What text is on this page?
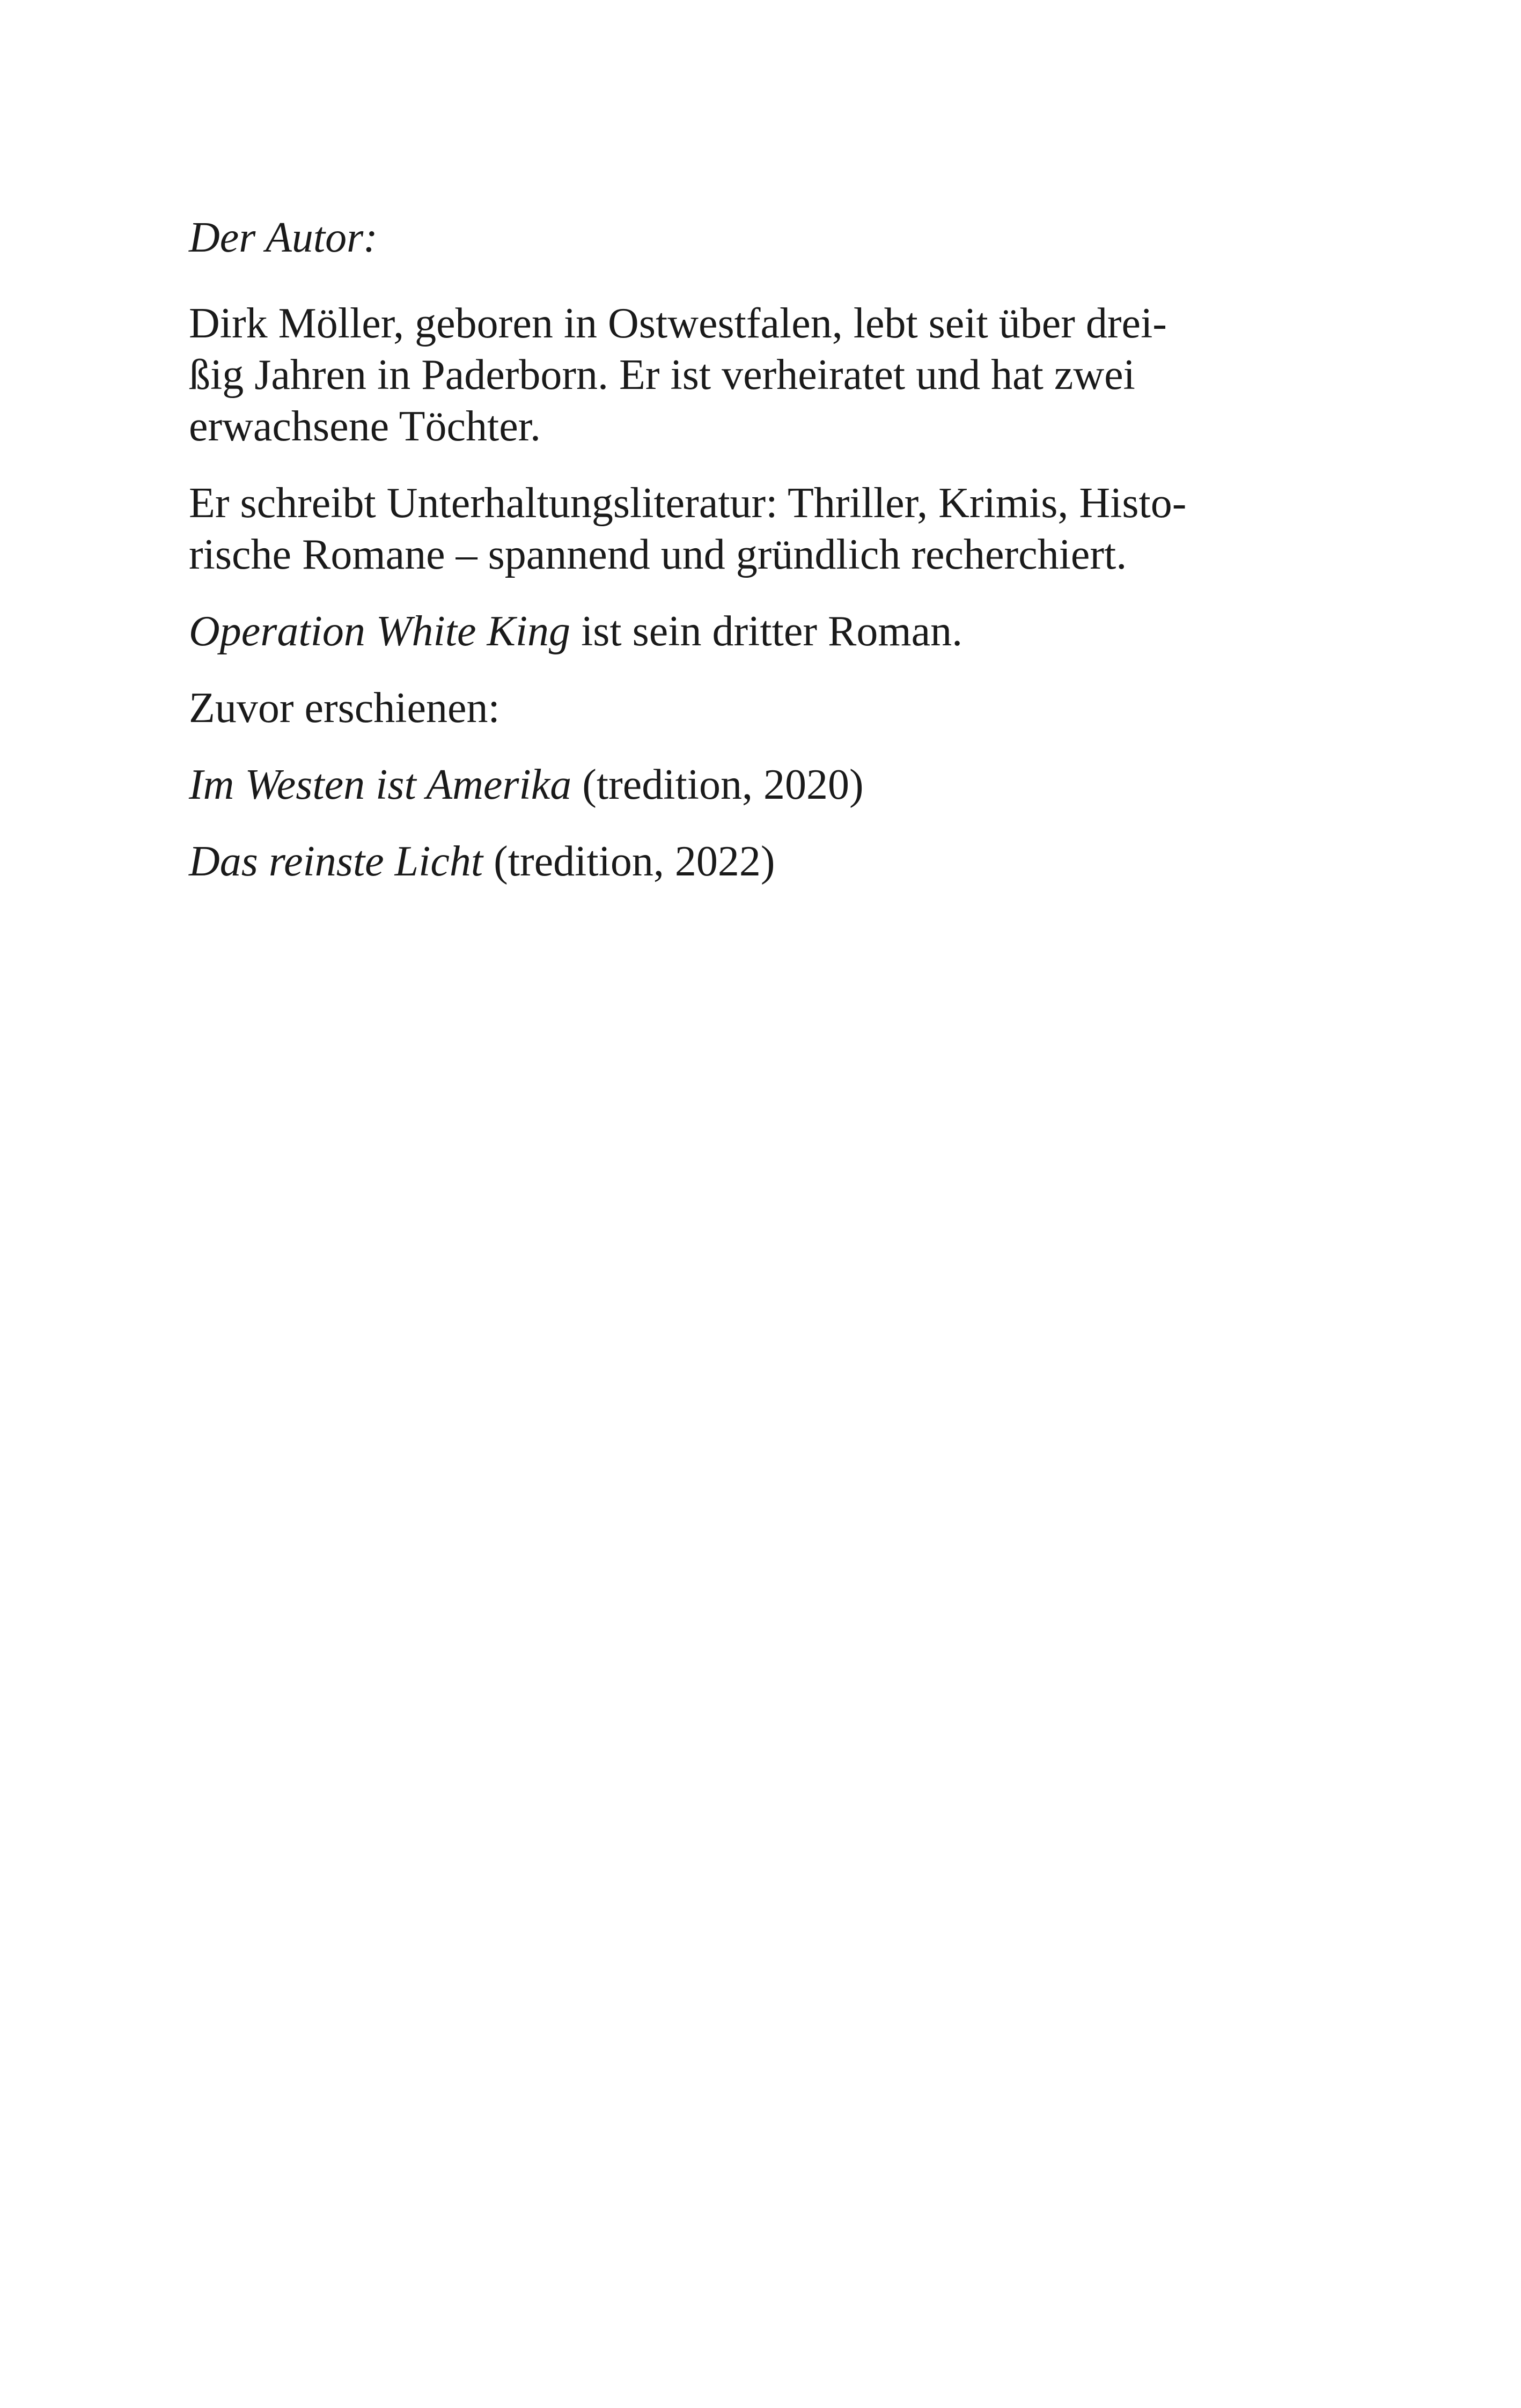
Der Autor:

Dirk Möller, geboren in Ostwestfalen, lebt seit über drei-
ßig Jahren in Paderborn. Er ist verheiratet und hat zwei
erwachsene Töchter.

Er schreibt Unterhaltungsliteratur: Thriller, Krimis, Histo-
rische Romane – spannend und gründlich recherchiert.

Operation White King ist sein dritter Roman.

Zuvor erschienen:

Im Westen ist Amerika (tredition, 2020)

Das reinste Licht (tredition, 2022)
